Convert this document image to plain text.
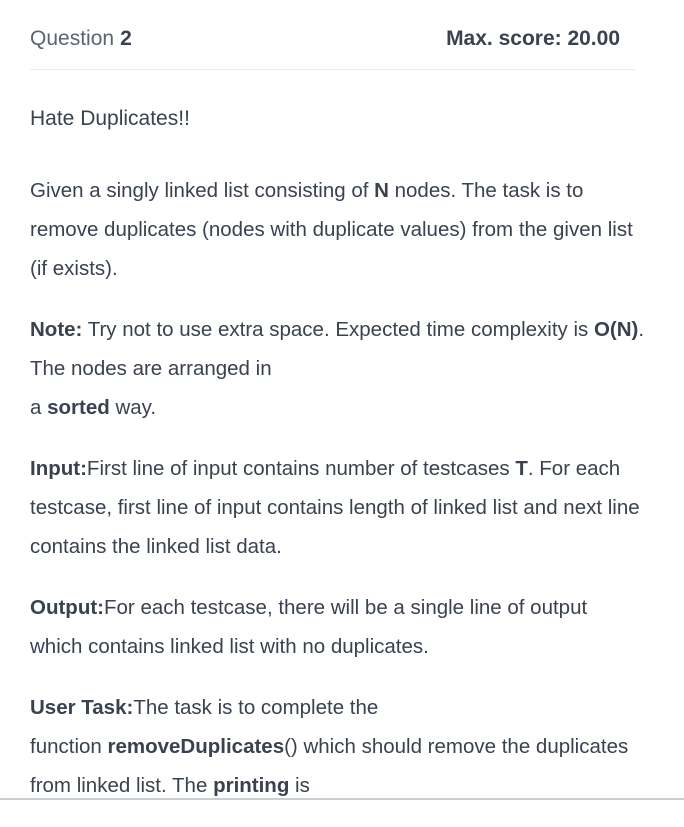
Question 2	Max. score: 20.00
Hate Duplicates!!

Given a singly linked list consisting of N nodes. The task is to remove duplicates (nodes with duplicate values) from the given list (if exists).

Note: Try not to use extra space. Expected time complexity is O(N). The nodes are arranged in
a sorted way.

Input:First line of input contains number of testcases T. For each testcase, first line of input contains length of linked list and next line contains the linked list data.

Output:For each testcase, there will be a single line of output which contains linked list with no duplicates.

User Task:The task is to complete the
function removeDuplicates() which should remove the duplicates from linked list. The printing is
